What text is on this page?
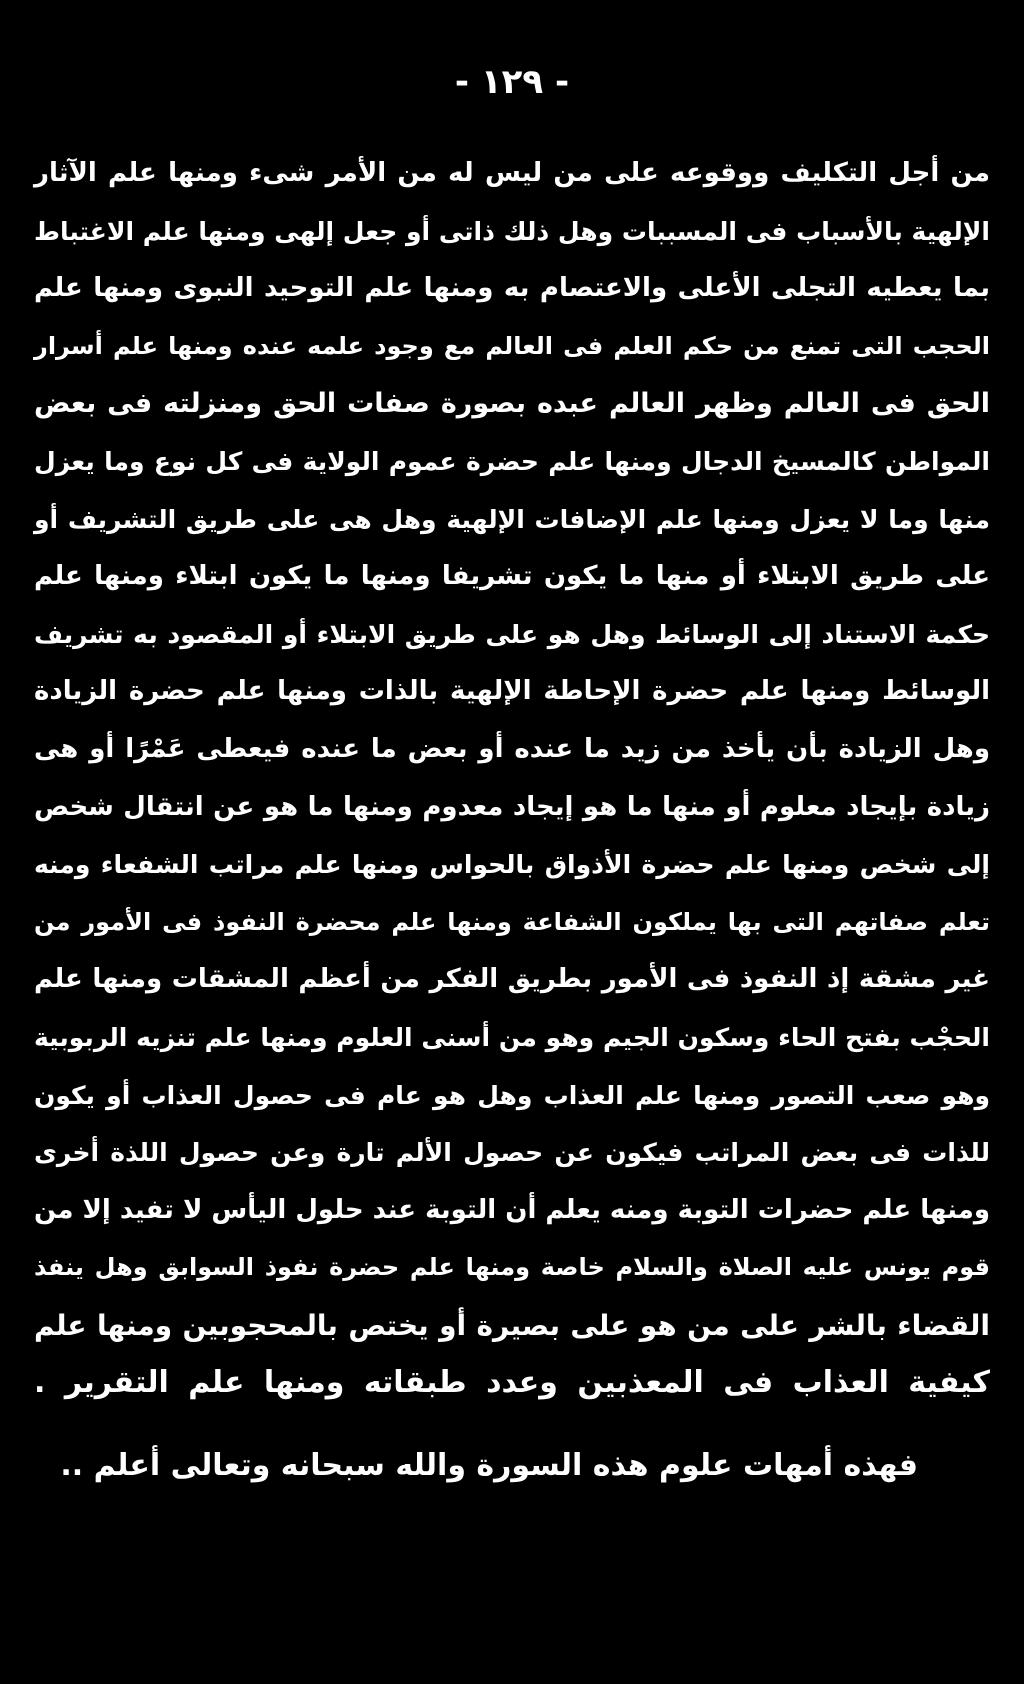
- ١٢٩ -
من أجل التكليف ووقوعه على من ليس له من الأمر شىء ومنها علم الآثار
الإلهية بالأسباب فى المسببات وهل ذلك ذاتى أو جعل إلهى ومنها علم الاغتباط
بما يعطيه التجلى الأعلى والاعتصام به ومنها علم التوحيد النبوى ومنها علم
الحجب التى تمنع من حكم العلم فى العالم مع وجود علمه عنده ومنها علم أسرار
الحق فى العالم وظهر العالم عبده بصورة صفات الحق ومنزلته فى بعض
المواطن كالمسيخ الدجال ومنها علم حضرة عموم الولاية فى كل نوع وما يعزل
منها وما لا يعزل ومنها علم الإضافات الإلهية وهل هى على طريق التشريف أو
على طريق الابتلاء أو منها ما يكون تشريفا ومنها ما يكون ابتلاء ومنها علم
حكمة الاستناد إلى الوسائط وهل هو على طريق الابتلاء أو المقصود به تشريف
الوسائط ومنها علم حضرة الإحاطة الإلهية بالذات ومنها علم حضرة الزيادة
وهل الزيادة بأن يأخذ من زيد ما عنده أو بعض ما عنده فيعطى عَمْرًا أو هى
زيادة بإيجاد معلوم أو منها ما هو إيجاد معدوم ومنها ما هو عن انتقال شخص
إلى شخص ومنها علم حضرة الأذواق بالحواس ومنها علم مراتب الشفعاء ومنه
تعلم صفاتهم التى بها يملكون الشفاعة ومنها علم محضرة النفوذ فى الأمور من
غير مشقة إذ النفوذ فى الأمور بطريق الفكر من أعظم المشقات ومنها علم
الحجْب بفتح الحاء وسكون الجيم وهو من أسنى العلوم ومنها علم تنزيه الربوبية
وهو صعب التصور ومنها علم العذاب وهل هو عام فى حصول العذاب أو يكون
للذات فى بعض المراتب فيكون عن حصول الألم تارة وعن حصول اللذة أخرى
ومنها علم حضرات التوبة ومنه يعلم أن التوبة عند حلول اليأس لا تفيد إلا من
قوم يونس عليه الصلاة والسلام خاصة ومنها علم حضرة نفوذ السوابق وهل ينفذ
القضاء بالشر على من هو على بصيرة أو يختص بالمحجوبين ومنها علم
كيفية العذاب فى المعذبين وعدد طبقاته ومنها علم التقرير .
فهذه أمهات علوم هذه السورة والله سبحانه وتعالى أعلم ..
